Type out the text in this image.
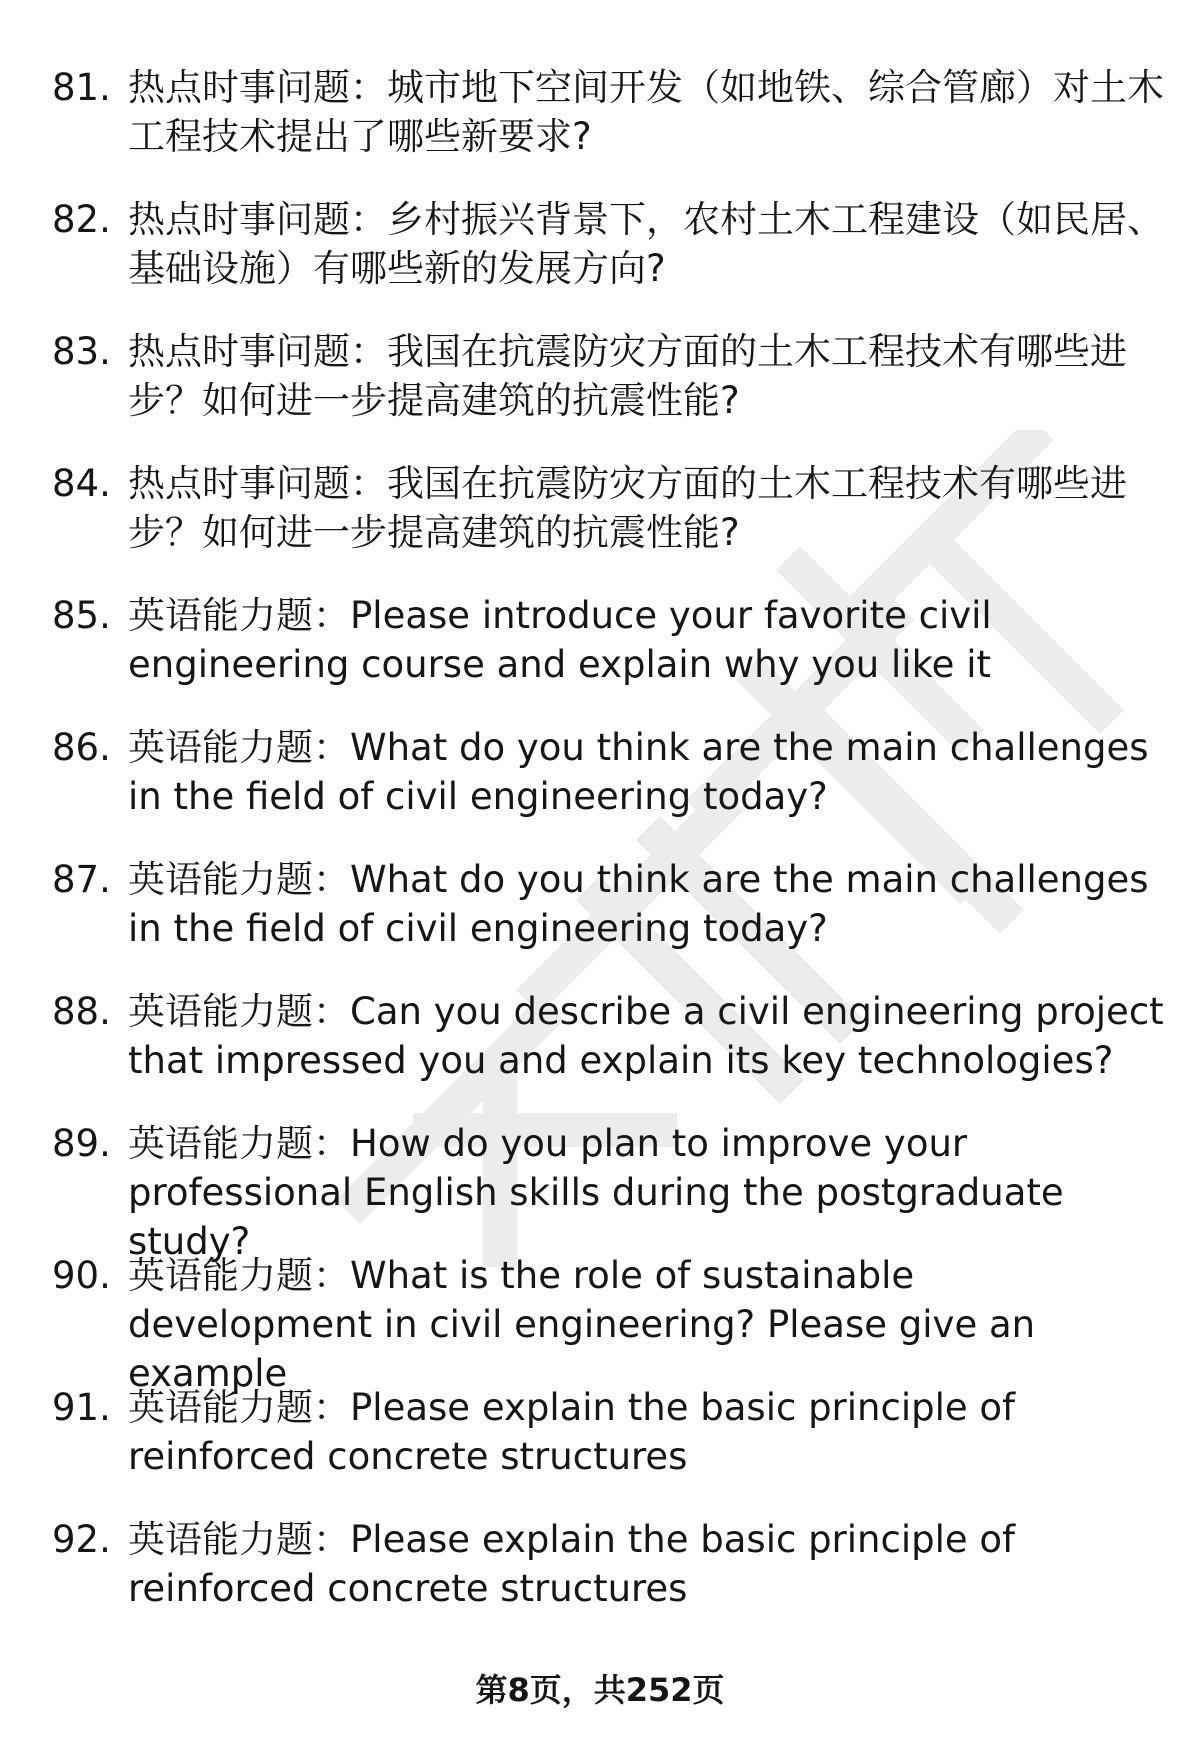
81. 热点时事问题：城市地下空间开发（如地铁、综合管廊）对土木工程技术提出了哪些新要求?
82. 热点时事问题：乡村振兴背景下，农村土木工程建设（如民居、基础设施）有哪些新的发展方向?
83. 热点时事问题：我国在抗震防灾方面的土木工程技术有哪些进步？如何进一步提高建筑的抗震性能?
84. 热点时事问题：我国在抗震防灾方面的土木工程技术有哪些进步？如何进一步提高建筑的抗震性能?
85. 英语能力题：Please introduce your favorite civil engineering course and explain why you like it
86. 英语能力题：What do you think are the main challenges in the field of civil engineering today?
87. 英语能力题：What do you think are the main challenges in the field of civil engineering today?
88. 英语能力题：Can you describe a civil engineering project that impressed you and explain its key technologies?
89. 英语能力题：How do you plan to improve your professional English skills during the postgraduate study?
90. 英语能力题：What is the role of sustainable development in civil engineering? Please give an example
91. 英语能力题：Please explain the basic principle of reinforced concrete structures
92. 英语能力题：Please explain the basic principle of reinforced concrete structures
第8页，共252页
